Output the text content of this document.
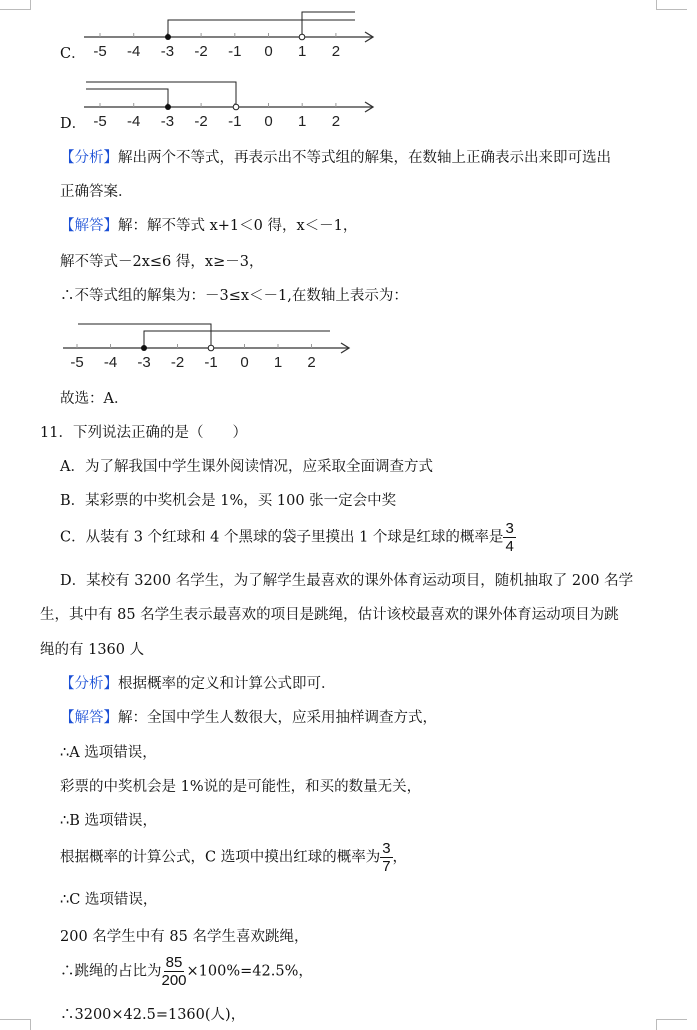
C． -5 -4 -3 -2 -1 0 1 2
D． -5 -4 -3 -2 -1 0 1 2
【分析】解出两个不等式，再表示出不等式组的解集，在数轴上正确表示出来即可选出
正确答案．
【解答】解：解不等式 x+1＜0 得，x＜－1，
解不等式－2x≤6 得，x≥－3，
∴不等式组的解集为：－3≤x＜－1,在数轴上表示为：
-5 -4 -3 -2 -1 0 1 2
故选：A．
11．下列说法正确的是（　　）
A．为了解我国中学生课外阅读情况，应采取全面调查方式
B．某彩票的中奖机会是 1%，买 100 张一定会中奖
C．从装有 3 个红球和 4 个黑球的袋子里摸出 1 个球是红球的概率是 $\frac{3}{4}$
D．某校有 3200 名学生，为了解学生最喜欢的课外体育运动项目，随机抽取了 200 名学
生，其中有 85 名学生表示最喜欢的项目是跳绳，估计该校最喜欢的课外体育运动项目为跳
绳的有 1360 人
【分析】根据概率的定义和计算公式即可．
【解答】解：全国中学生人数很大，应采用抽样调查方式，
∴A 选项错误，
彩票的中奖机会是 1%说的是可能性，和买的数量无关，
∴B 选项错误，
根据概率的计算公式，C 选项中摸出红球的概率为 $\frac{3}{7}$ ，
∴C 选项错误，
200 名学生中有 85 名学生喜欢跳绳，
∴跳绳的占比为 $\frac{85}{200} \times 100\%=42.5\%$，
∴3200×42.5=1360(人)，
